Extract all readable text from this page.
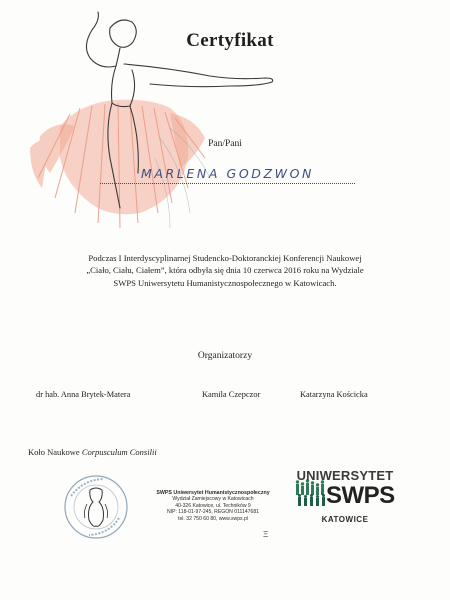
Certyfikat
Pan/Pani
MARLENA GODZWON
Podczas I Interdyscyplinarnej Studencko-Doktoranckiej Konferencji Naukowej
„Ciało, Ciału, Ciałem”, która odbyła się dnia 10 czerwca 2016 roku na Wydziale
SWPS Uniwersytetu Humanistycznospołecznego w Katowicach.
Organizatorzy
dr hab. Anna Brytek-Matera	Kamila Czepczor	Katarzyna Kościcka
Koło Naukowe Corpusculum Consilii
SWPS Uniwersytet Humanistycznospołeczny
Wydział Zamiejscowy w Katowicach
40-326 Katowice, ul. Techników 9
NIP: 118-01-97-245, REGON 011147681
tel. 32 750 60 80, www.swps.pl
Ξ
UNIWERSYTET
SWPS
KATOWICE
